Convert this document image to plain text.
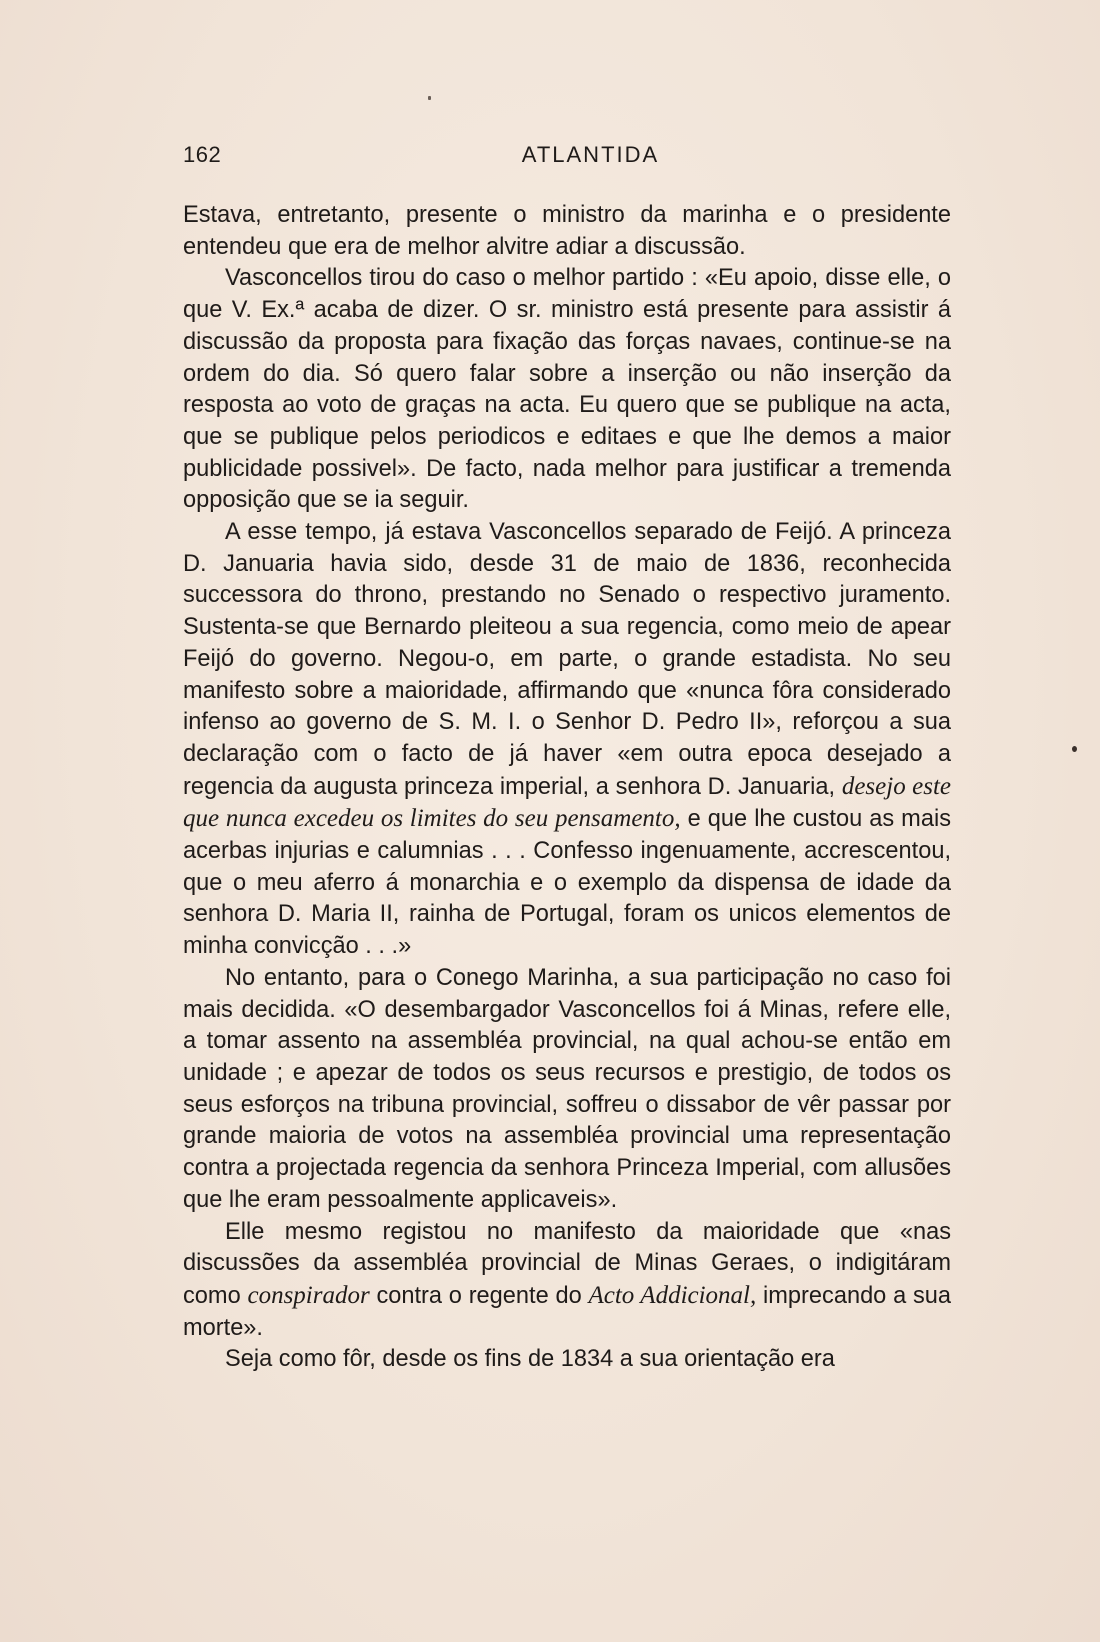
162	ATLANTIDA

Estava, entretanto, presente o ministro da marinha e o presidente entendeu que era de melhor alvitre adiar a discussão.

Vasconcellos tirou do caso o melhor partido : «Eu apoio, disse elle, o que V. Ex.ª acaba de dizer. O sr. ministro está presente para assistir á discussão da proposta para fixação das forças navaes, continue-se na ordem do dia. Só quero falar sobre a inserção ou não inserção da resposta ao voto de graças na acta. Eu quero que se publique na acta, que se publique pelos periodicos e editaes e que lhe demos a maior publicidade possivel». De facto, nada melhor para justificar a tremenda opposição que se ia seguir.

A esse tempo, já estava Vasconcellos separado de Feijó. A princeza D. Januaria havia sido, desde 31 de maio de 1836, reconhecida successora do throno, prestando no Senado o respectivo juramento. Sustenta-se que Bernardo pleiteou a sua regencia, como meio de apear Feijó do governo. Negou-o, em parte, o grande estadista. No seu manifesto sobre a maioridade, affirmando que «nunca fôra considerado infenso ao governo de S. M. I. o Senhor D. Pedro II», reforçou a sua declaração com o facto de já haver «em outra epoca desejado a regencia da augusta princeza imperial, a senhora D. Januaria, desejo este que nunca excedeu os limites do seu pensamento, e que lhe custou as mais acerbas injurias e calumnias . . . Confesso ingenuamente, accrescentou, que o meu aferro á monarchia e o exemplo da dispensa de idade da senhora D. Maria II, rainha de Portugal, foram os unicos elementos de minha convicção . . .»

No entanto, para o Conego Marinha, a sua participação no caso foi mais decidida. «O desembargador Vasconcellos foi á Minas, refere elle, a tomar assento na assembléa provincial, na qual achou-se então em unidade ; e apezar de todos os seus recursos e prestigio, de todos os seus esforços na tribuna provincial, soffreu o dissabor de vêr passar por grande maioria de votos na assembléa provincial uma representação contra a projectada regencia da senhora Princeza Imperial, com allusões que lhe eram pessoalmente applicaveis».

Elle mesmo registou no manifesto da maioridade que «nas discussões da assembléa provincial de Minas Geraes, o indigitáram como conspirador contra o regente do Acto Addicional, imprecando a sua morte».

Seja como fôr, desde os fins de 1834 a sua orientação era
